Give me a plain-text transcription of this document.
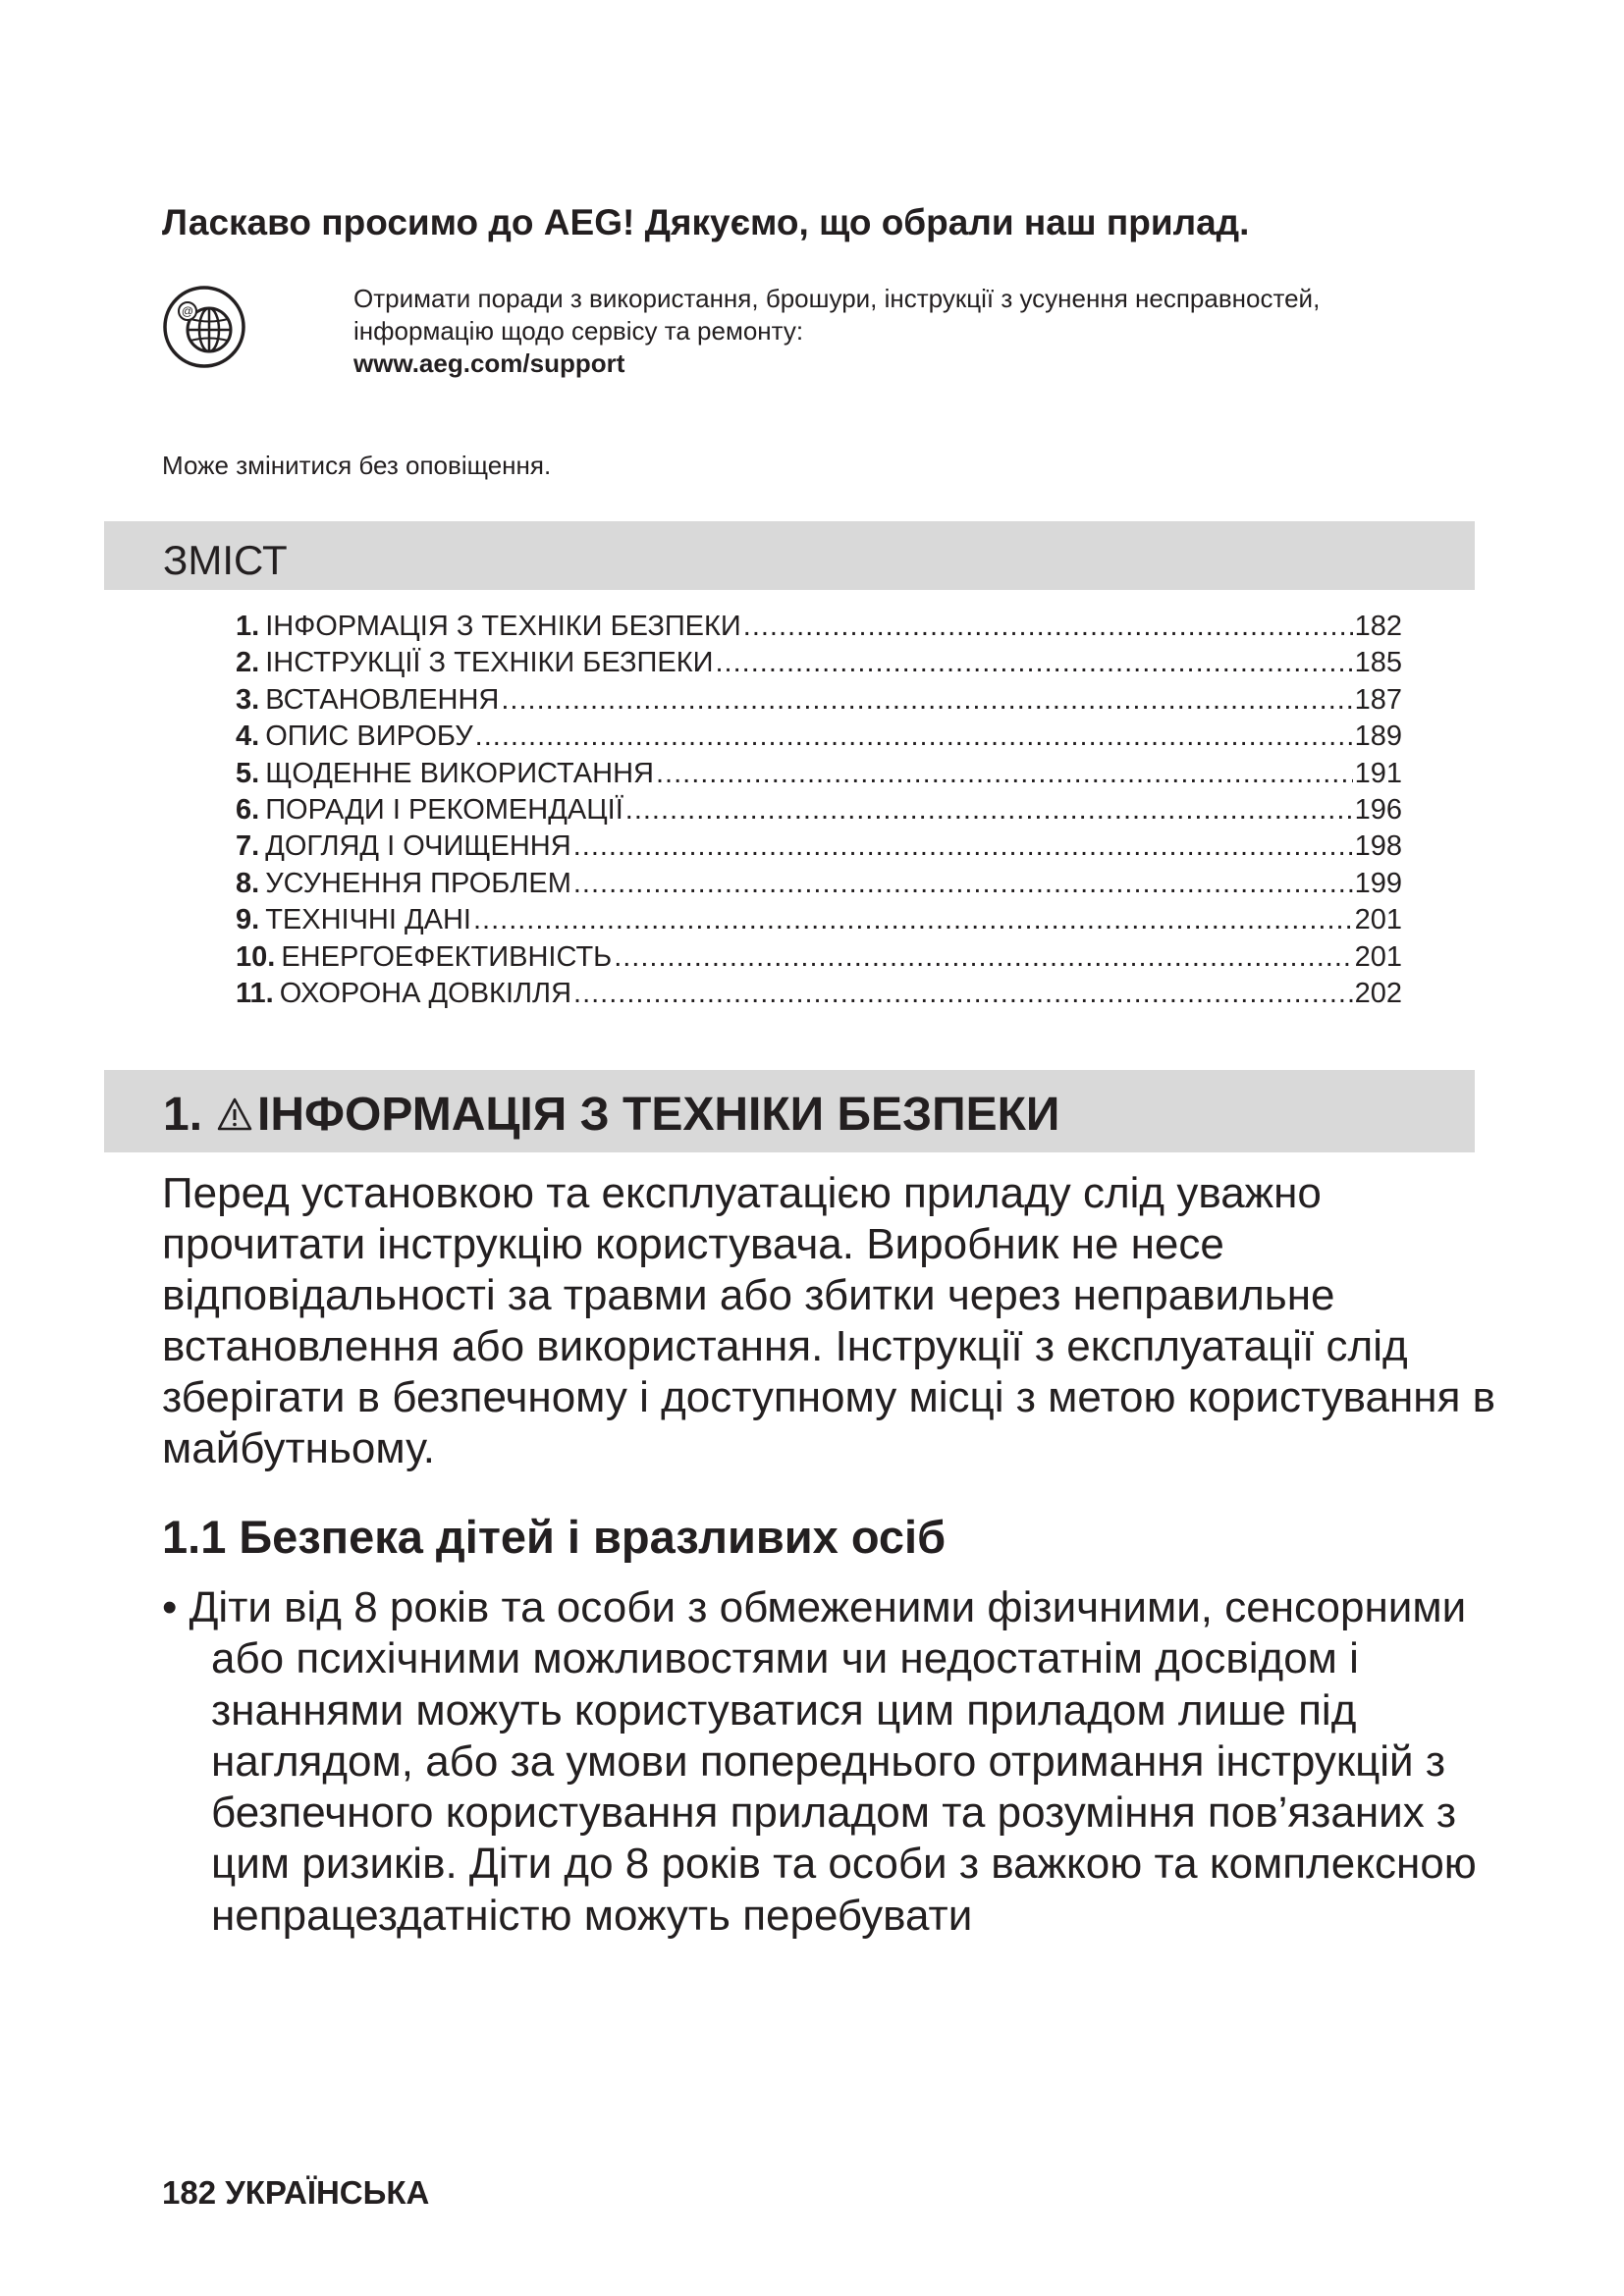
Ласкаво просимо до AEG! Дякуємо, що обрали наш прилад.
@	Отримати поради з використання, брошури, інструкції з усунення несправностей,
інформацію щодо сервісу та ремонту:
www.aeg.com/support
Може змінитися без оповіщення.
ЗМІСТ
1. ІНФОРМАЦІЯ З ТЕХНІКИ БЕЗПЕКИ .....	182
2. ІНСТРУКЦІЇ З ТЕХНІКИ БЕЗПЕКИ .....	185
3. ВСТАНОВЛЕННЯ .....	187
4. ОПИС ВИРОБУ .....	189
5. ЩОДЕННЕ ВИКОРИСТАННЯ .....	191
6. ПОРАДИ І РЕКОМЕНДАЦІЇ .....	196
7. ДОГЛЯД І ОЧИЩЕННЯ .....	198
8. УСУНЕННЯ ПРОБЛЕМ .....	199
9. ТЕХНІЧНІ ДАНІ .....	201
10. ЕНЕРГОЕФЕКТИВНІСТЬ .....	201
11. ОХОРОНА ДОВКІЛЛЯ .....	202
1. ІНФОРМАЦІЯ З ТЕХНІКИ БЕЗПЕКИ

Перед установкою та експлуатацією приладу слід уважно прочитати інструкцію користувача. Виробник не несе відповідальності за травми або збитки через неправильне встановлення або використання. Інструкції з експлуатації слід зберігати в безпечному і доступному місці з метою користування в майбутньому.

1.1 Безпека дітей і вразливих осіб

• Діти від 8 років та особи з обмеженими фізичними, сенсорними або психічними можливостями чи недостатнім досвідом і знаннями можуть користуватися цим приладом лише під наглядом, або за умови попереднього отримання інструкцій з безпечного користування приладом та розуміння пов’язаних з цим ризиків. Діти до 8 років та особи з важкою та комплексною непрацездатністю можуть перебувати

182 УКРАЇНСЬКА
